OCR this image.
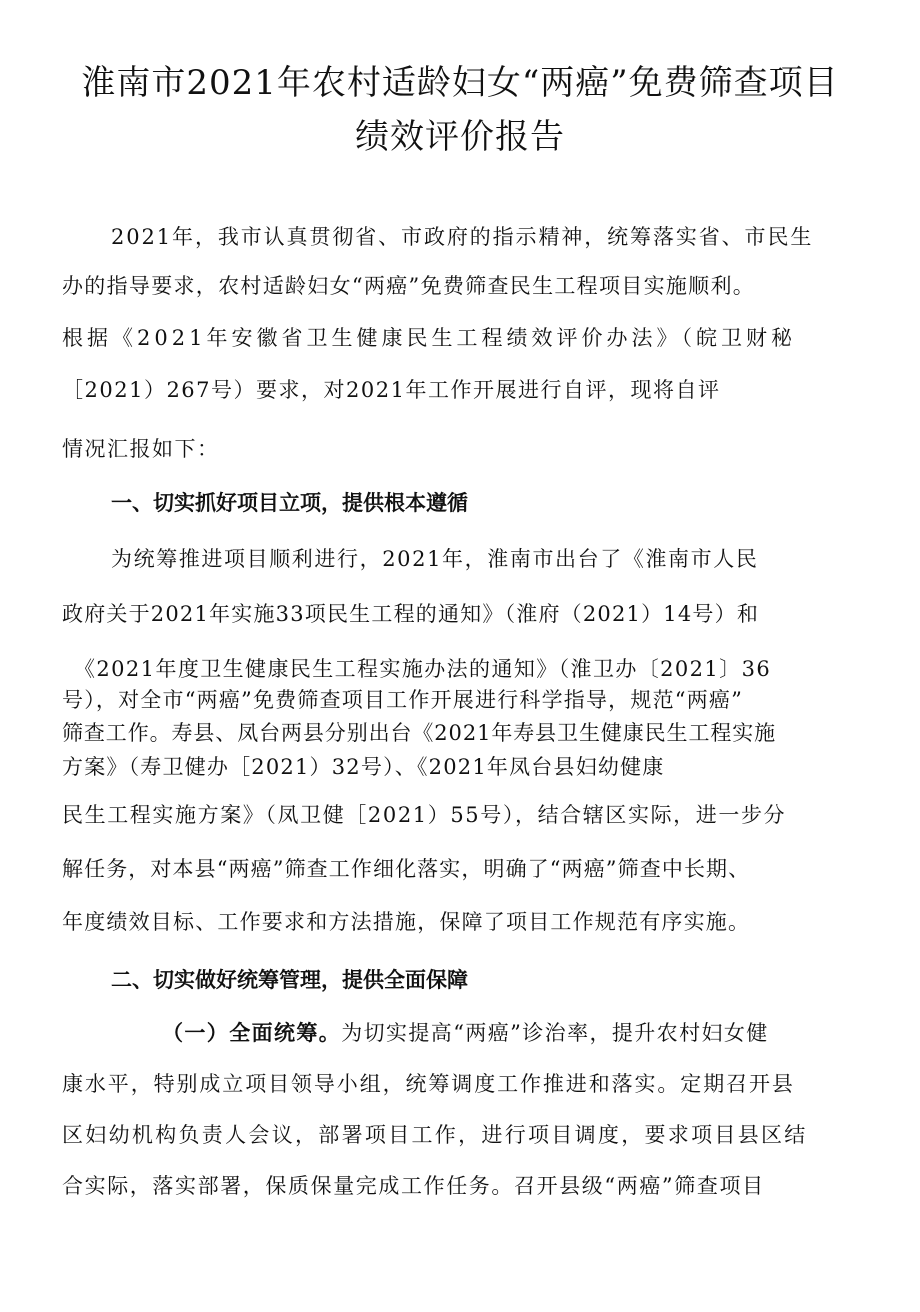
淮南市2021年农村适龄妇女“两癌”免费筛查项目
绩效评价报告
2021年，我市认真贯彻省、市政府的指示精神，统筹落实省、市民生
办的指导要求，农村适龄妇女“两癌”免费筛查民生工程项目实施顺利。
根据《2021年安徽省卫生健康民生工程绩效评价办法》（皖卫财秘
［2021）267号）要求，对2021年工作开展进行自评，现将自评
情况汇报如下：
一、切实抓好项目立项，提供根本遵循
为统筹推进项目顺利进行，2021年，淮南市出台了《淮南市人民
政府关于2021年实施33项民生工程的通知》（淮府（2021）14号）和
《2021年度卫生健康民生工程实施办法的通知》（淮卫办〔2021〕36
号），对全市“两癌”免费筛查项目工作开展进行科学指导，规范“两癌”
筛查工作。寿县、凤台两县分别出台《2021年寿县卫生健康民生工程实施
方案》（寿卫健办［2021）32号）、《2021年凤台县妇幼健康
民生工程实施方案》（凤卫健［2021）55号），结合辖区实际，进一步分
解任务，对本县“两癌”筛查工作细化落实，明确了“两癌”筛查中长期、
年度绩效目标、工作要求和方法措施，保障了项目工作规范有序实施。
二、切实做好统筹管理，提供全面保障
（一）全面统筹。为切实提高“两癌”诊治率，提升农村妇女健
康水平，特别成立项目领导小组，统筹调度工作推进和落实。定期召开县
区妇幼机构负责人会议，部署项目工作，进行项目调度，要求项目县区结
合实际，落实部署，保质保量完成工作任务。召开县级“两癌”筛查项目
